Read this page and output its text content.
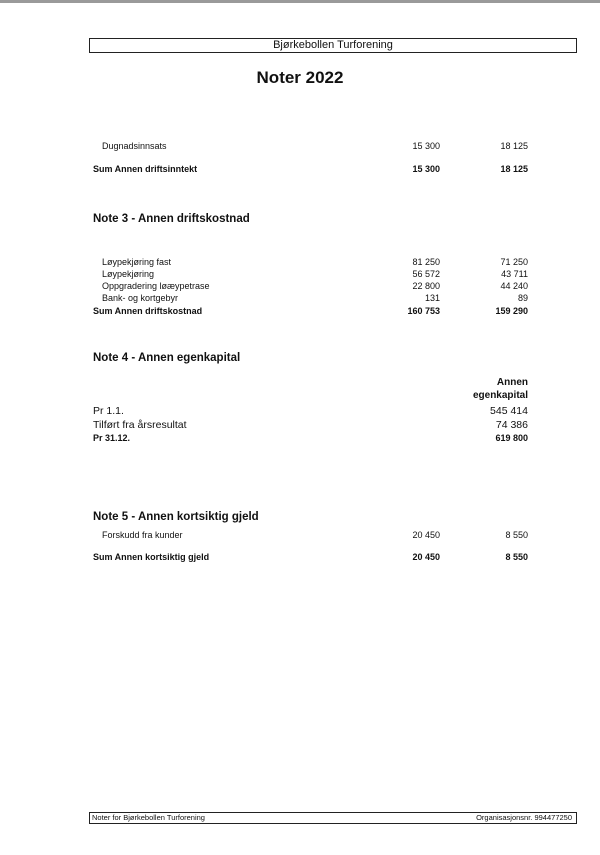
Bjørkebollen Turforening
Noter 2022
Dugnadsinnsats	15 300	18 125
Sum Annen driftsinntekt	15 300	18 125
Note 3 - Annen driftskostnad
Løypekjøring fast	81 250	71 250
Løypekjøring	56 572	43 711
Oppgradering løæypetrase	22 800	44 240
Bank- og kortgebyr	131	89
Sum Annen driftskostnad	160 753	159 290
Note 4 - Annen egenkapital
Annen
egenkapital
Pr 1.1.	545 414
Tilført fra årsresultat	74 386
Pr 31.12.	619 800
Note 5 - Annen kortsiktig gjeld
Forskudd fra kunder	20 450	8 550
Sum Annen kortsiktig gjeld	20 450	8 550
Noter for Bjørkebollen Turforening	Organisasjonsnr. 994477250
